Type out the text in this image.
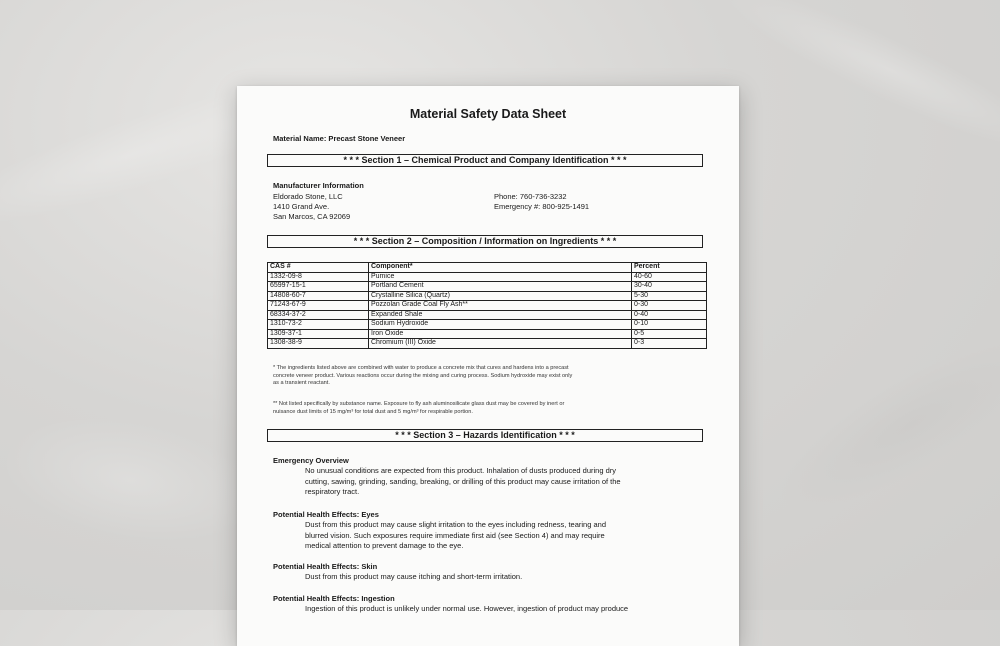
Material Safety Data Sheet
Material Name: Precast Stone Veneer
* * * Section 1 – Chemical Product and Company Identification * * *
Manufacturer Information
Eldorado Stone, LLC
1410 Grand Ave.
San Marcos, CA 92069
Phone: 760-736-3232
Emergency #: 800-925-1491
* * * Section 2 – Composition / Information on Ingredients * * *
CAS #	Component*	Percent
1332-09-8	Pumice	40-60
65997-15-1	Portland Cement	30-40
14808-60-7	Crystalline Silica (Quartz)	5-30
71243-67-9	Pozzolan Grade Coal Fly Ash**	0-30
68334-37-2	Expanded Shale	0-40
1310-73-2	Sodium Hydroxide	0-10
1309-37-1	Iron Oxide	0-5
1308-38-9	Chromium (III) Oxide	0-3
* The ingredients listed above are combined with water to produce a concrete mix that cures and hardens into a precast
concrete veneer product. Various reactions occur during the mixing and curing process. Sodium hydroxide may exist only
as a transient reactant.
** Not listed specifically by substance name. Exposure to fly ash aluminosilicate glass dust may be covered by inert or
nuisance dust limits of 15 mg/m³ for total dust and 5 mg/m³ for respirable portion.
* * * Section 3 – Hazards Identification * * *
Emergency Overview
No unusual conditions are expected from this product. Inhalation of dusts produced during dry
cutting, sawing, grinding, sanding, breaking, or drilling of this product may cause irritation of the
respiratory tract.
Potential Health Effects: Eyes
Dust from this product may cause slight irritation to the eyes including redness, tearing and
blurred vision. Such exposures require immediate first aid (see Section 4) and may require
medical attention to prevent damage to the eye.
Potential Health Effects: Skin
Dust from this product may cause itching and short-term irritation.
Potential Health Effects: Ingestion
Ingestion of this product is unlikely under normal use. However, ingestion of product may produce
